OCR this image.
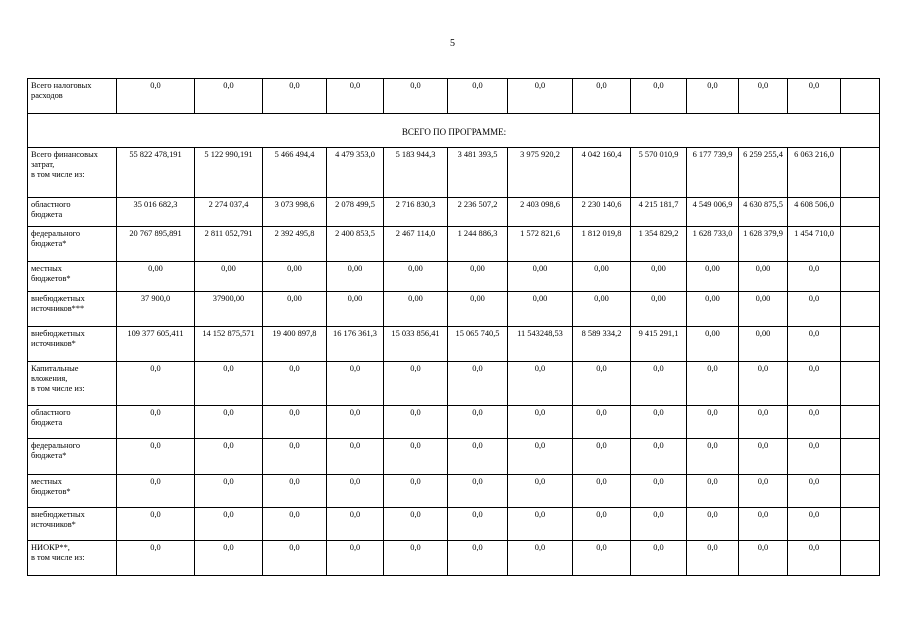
5
Всего налоговых
расходов	0,0	0,0	0,0	0,0	0,0	0,0	0,0	0,0	0,0	0,0	0,0	0,0	
ВСЕГО ПО ПРОГРАММЕ:													
Всего финансовых
затрат,
в том числе из:	55 822 478,191	5 122 990,191	5 466 494,4	4 479 353,0	5 183 944,3	3 481 393,5	3 975 920,2	4 042 160,4	5 570 010,9	6 177 739,9	6 259 255,4	6 063 216,0	
областного
бюджета	35 016 682,3	2 274 037,4	3 073 998,6	2 078 499,5	2 716 830,3	2 236 507,2	2 403 098,6	2 230 140,6	4 215 181,7	4 549 006,9	4 630 875,5	4 608 506,0	
федерального
бюджета*	20 767 895,891	2 811 052,791	2 392 495,8	2 400 853,5	2 467 114,0	1 244 886,3	1 572 821,6	1 812 019,8	1 354 829,2	1 628 733,0	1 628 379,9	1 454 710,0	
местных
бюджетов*	0,00	0,00	0,00	0,00	0,00	0,00	0,00	0,00	0,00	0,00	0,00	0,0	
внебюджетных
источников***	37 900,0	37900,00	0,00	0,00	0,00	0,00	0,00	0,00	0,00	0,00	0,00	0,0	
внебюджетных
источников*	109 377 605,411	14 152 875,571	19 400 897,8	16 176 361,3	15 033 856,41	15 065 740,5	11 543248,53	8 589 334,2	9 415 291,1	0,00	0,00	0,0	
Капитальные
вложения,
в том числе из:	0,0	0,0	0,0	0,0	0,0	0,0	0,0	0,0	0,0	0,0	0,0	0,0	
областного
бюджета	0,0	0,0	0,0	0,0	0,0	0,0	0,0	0,0	0,0	0,0	0,0	0,0	
федерального
бюджета*	0,0	0,0	0,0	0,0	0,0	0,0	0,0	0,0	0,0	0,0	0,0	0,0	
местных
бюджетов*	0,0	0,0	0,0	0,0	0,0	0,0	0,0	0,0	0,0	0,0	0,0	0,0	
внебюджетных
источников*	0,0	0,0	0,0	0,0	0,0	0,0	0,0	0,0	0,0	0,0	0,0	0,0	
НИОКР**,
в том числе из:	0,0	0,0	0,0	0,0	0,0	0,0	0,0	0,0	0,0	0,0	0,0	0,0	
